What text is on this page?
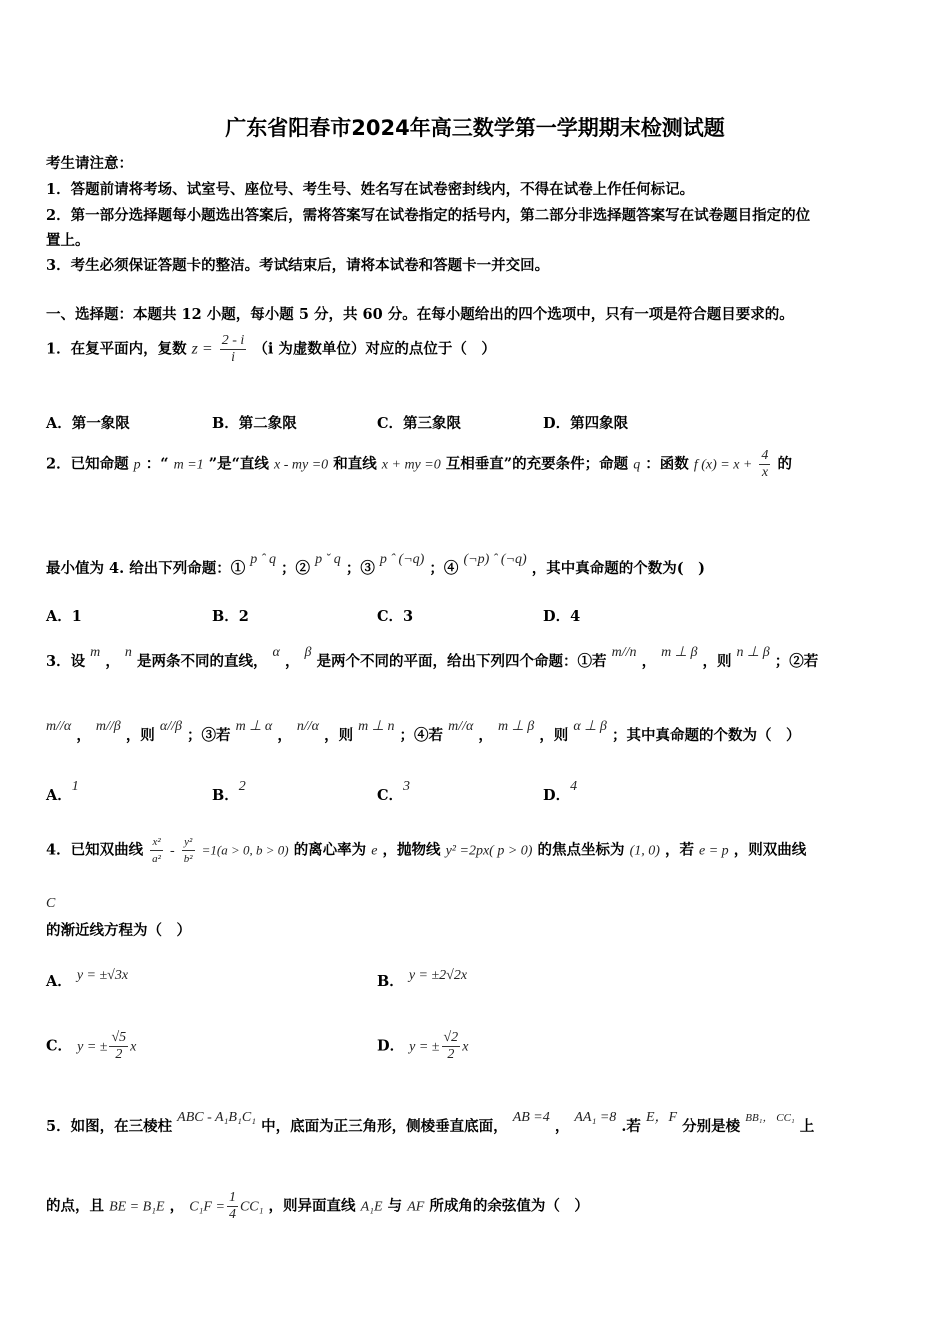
广东省阳春市2024年高三数学第一学期期末检测试题
考生请注意：
1．答题前请将考场、试室号、座位号、考生号、姓名写在试卷密封线内，不得在试卷上作任何标记。
2．第一部分选择题每小题选出答案后，需将答案写在试卷指定的括号内，第二部分非选择题答案写在试卷题目指定的位
置上。
3．考生必须保证答题卡的整洁。考试结束后，请将本试卷和答题卡一并交回。
一、选择题：本题共 12 小题，每小题 5 分，共 60 分。在每小题给出的四个选项中，只有一项是符合题目要求的。
1．在复平面内，复数 $z = \frac{2 - i}{i} (i$ 为虚数单位）对应的点位于（　）
A．第一象限	B．第二象限	C．第三象限	D．第四象限
2．已知命题 p ：“ m =1 ”是“直线 x - my =0 和直线 x + my =0 互相垂直”的充要条件；命题 q ：函数 f $(x) = x + \frac{4}{x}$ 的
最小值为 4. 给出下列命题：① p ˆ q ；② p ˇ q ；③ p ˆ (¬q) ；④ (¬p) ˆ (¬q) ，其中真命题的个数为(　)
A．1	B．2	C．3	D．4
3．设 m ， n 是两条不同的直线， α ， β 是两个不同的平面，给出下列四个命题：①若 m//n ， m ⊥ β ，则 n ⊥ β ；②若
m//α ， m//β ，则 α//β ；③若 m ⊥ α ， n//α ，则 m ⊥ n ；④若 m//α ， m ⊥ β ，则 α ⊥ β ；其中真命题的个数为（　）
A．1
B．2
C．3
D．4
4．已知双曲线 $\frac{\text{x²}}{\text{a²}} - \frac{\text{y²}}{\text{b²}} =1(a > 0$, b > 0) 的离心率为 e ，抛物线 y² =2px( p > 0) 的焦点坐标为 (1, 0) ，若 e = p ，则双曲线
C

的渐近线方程为（　）
A． y = ±√3x	B． y = ±2√2x
C． y = ± $\frac{√5}{2}$ x	D． y = ± $\frac{√2}{2}$ x
5．如图，在三棱柱 ABC - A₁B₁C₁ 中，底面为正三角形，侧棱垂直底面， AB =4 ， AA₁ =8 .若 E，F 分别是棱 $^{BB_1, CC_1}$ 上
的点，且 BE = B₁E ， $C_1F = \frac{1}{4} CC_1$ ，则异面直线 A₁E 与 AF 所成角的余弦值为（　）
